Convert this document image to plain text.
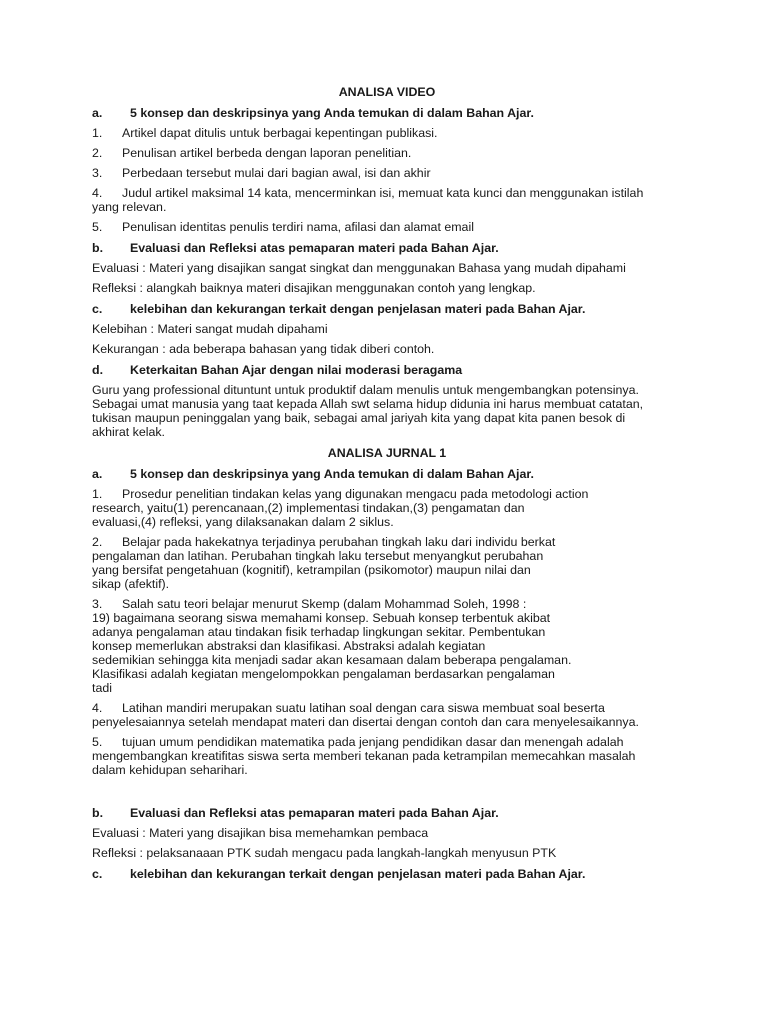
ANALISA VIDEO
a.	5 konsep dan deskripsinya yang Anda temukan di dalam Bahan Ajar.
1. Artikel dapat ditulis untuk berbagai kepentingan publikasi.
2. Penulisan artikel berbeda dengan laporan penelitian.
3. Perbedaan tersebut mulai dari bagian awal, isi dan akhir
4. Judul artikel maksimal 14 kata, mencerminkan isi, memuat kata kunci dan menggunakan istilah
yang relevan.
5. Penulisan identitas penulis terdiri nama, afilasi dan alamat email
b.	Evaluasi dan Refleksi atas pemaparan materi pada Bahan Ajar.
Evaluasi : Materi yang disajikan sangat singkat dan menggunakan Bahasa yang mudah dipahami
Refleksi : alangkah baiknya materi disajikan menggunakan contoh yang lengkap.
c.	kelebihan dan kekurangan terkait dengan penjelasan materi pada Bahan Ajar.
Kelebihan : Materi sangat mudah dipahami
Kekurangan : ada beberapa bahasan yang tidak diberi contoh.
d.	Keterkaitan Bahan Ajar dengan nilai moderasi beragama
Guru yang professional dituntunt untuk produktif dalam menulis untuk mengembangkan potensinya.
Sebagai umat manusia yang taat kepada Allah swt selama hidup didunia ini harus membuat catatan,
tukisan maupun peninggalan yang baik, sebagai amal jariyah kita yang dapat kita panen besok di
akhirat kelak.
ANALISA JURNAL 1
a.	5 konsep dan deskripsinya yang Anda temukan di dalam Bahan Ajar.
1. Prosedur penelitian tindakan kelas yang digunakan mengacu pada metodologi action
research, yaitu(1) perencanaan,(2) implementasi tindakan,(3) pengamatan dan
evaluasi,(4) refleksi, yang dilaksanakan dalam 2 siklus.
2. Belajar pada hakekatnya terjadinya perubahan tingkah laku dari individu berkat
pengalaman dan latihan. Perubahan tingkah laku tersebut menyangkut perubahan
yang bersifat pengetahuan (kognitif), ketrampilan (psikomotor) maupun nilai dan
sikap (afektif).
3. Salah satu teori belajar menurut Skemp (dalam Mohammad Soleh, 1998 :
19) bagaimana seorang siswa memahami konsep. Sebuah konsep terbentuk akibat
adanya pengalaman atau tindakan fisik terhadap lingkungan sekitar. Pembentukan
konsep memerlukan abstraksi dan klasifikasi. Abstraksi adalah kegiatan
sedemikian sehingga kita menjadi sadar akan kesamaan dalam beberapa pengalaman.
Klasifikasi adalah kegiatan mengelompokkan pengalaman berdasarkan pengalaman
tadi
4. Latihan mandiri merupakan suatu latihan soal dengan cara siswa membuat soal beserta
penyelesaiannya setelah mendapat materi dan disertai dengan contoh dan cara menyelesaikannya.
5. tujuan umum pendidikan matematika pada jenjang pendidikan dasar dan menengah adalah
mengembangkan kreatifitas siswa serta memberi tekanan pada ketrampilan memecahkan masalah
dalam kehidupan seharihari.
b.	Evaluasi dan Refleksi atas pemaparan materi pada Bahan Ajar.
Evaluasi : Materi yang disajikan bisa memehamkan pembaca
Refleksi : pelaksanaaan PTK sudah mengacu pada langkah-langkah menyusun PTK
c.	kelebihan dan kekurangan terkait dengan penjelasan materi pada Bahan Ajar.
